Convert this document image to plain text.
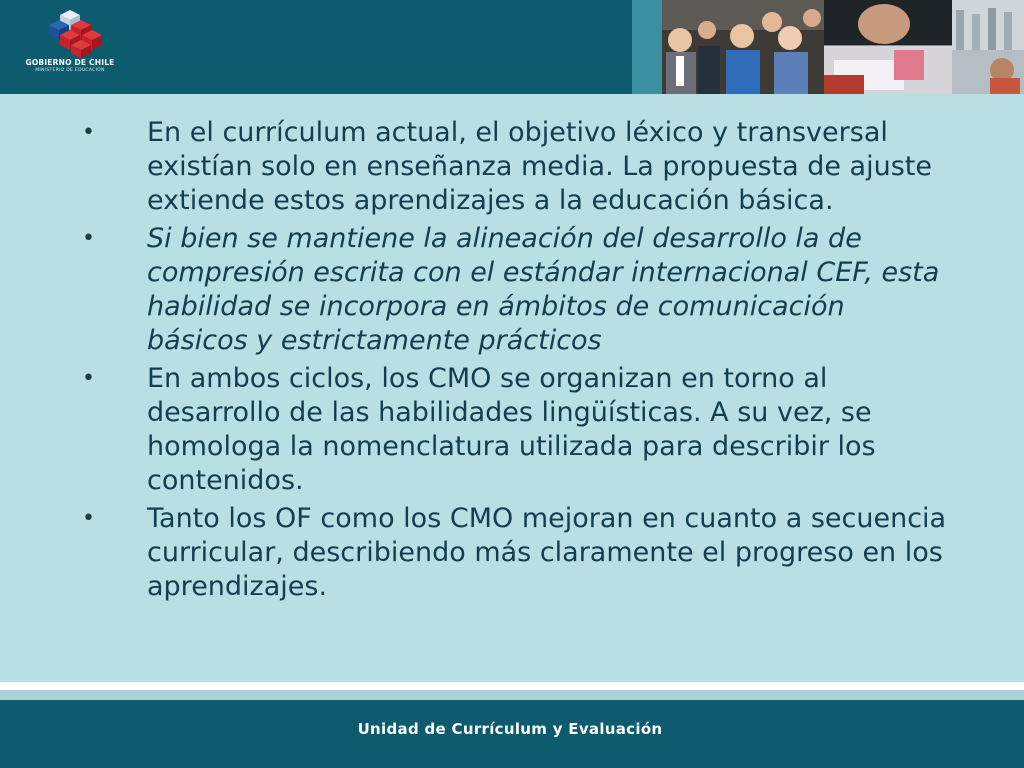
GOBIERNO DE CHILE
MINISTERIO DE EDUCACIÓN
• En el currículum actual, el objetivo léxico y transversal existían solo en enseñanza media. La propuesta de ajuste extiende estos aprendizajes a la educación básica.
• Si bien se mantiene la alineación del desarrollo la de compresión escrita con el estándar internacional CEF, esta habilidad se incorpora en ámbitos de comunicación básicos y estrictamente prácticos
• En ambos ciclos, los CMO se organizan en torno al desarrollo de las habilidades lingüísticas. A su vez, se homologa la nomenclatura utilizada para describir los contenidos.
• Tanto los OF como los CMO mejoran en cuanto a secuencia curricular, describiendo más claramente el progreso en los aprendizajes.
Unidad de Currículum y Evaluación
